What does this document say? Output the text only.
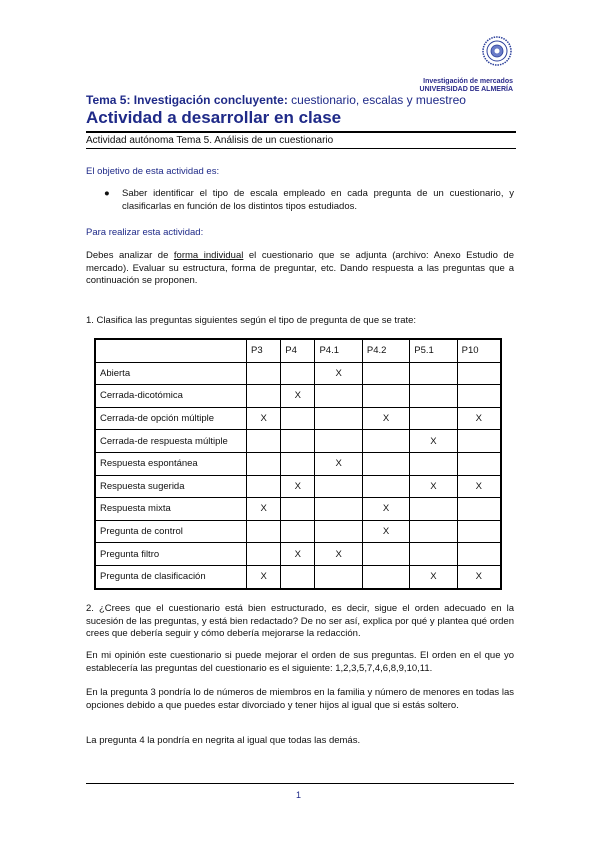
Investigación de mercados
UNIVERSIDAD DE ALMERÍA
Tema 5: Investigación concluyente: cuestionario, escalas y muestreo
Actividad a desarrollar en clase
Actividad autónoma Tema 5. Análisis de un cuestionario
El objetivo de esta actividad es:
●	Saber identificar el tipo de escala empleado en cada pregunta de un cuestionario, y clasificarlas en función de los distintos tipos estudiados.
Para realizar esta actividad:
Debes analizar de forma individual el cuestionario que se adjunta (archivo: Anexo Estudio de mercado). Evaluar su estructura, forma de preguntar, etc. Dando respuesta a las preguntas que a continuación se proponen.
1. Clasifica las preguntas siguientes según el tipo de pregunta de que se trate:
	P3	P4	P4.1	P4.2	P5.1	P10
Abierta			X			
Cerrada-dicotómica		X				
Cerrada-de opción múltiple	X			X		X
Cerrada-de respuesta múltiple					X	
Respuesta espontánea			X			
Respuesta sugerida		X			X	X
Respuesta mixta	X			X		
Pregunta de control				X		
Pregunta filtro		X	X			
Pregunta de clasificación	X				X	X
2. ¿Crees que el cuestionario está bien estructurado, es decir, sigue el orden adecuado en la sucesión de las preguntas, y está bien redactado? De no ser así, explica por qué y plantea qué orden crees que debería seguir y cómo debería mejorarse la redacción.
En mi opinión este cuestionario si puede mejorar el orden de sus preguntas. El orden en el que yo establecería las preguntas del cuestionario es el siguiente: 1,2,3,5,7,4,6,8,9,10,11.
En la pregunta 3 pondría lo de números de miembros en la familia y número de menores en todas las opciones debido a que puedes estar divorciado y tener hijos al igual que si estás soltero.
La pregunta 4 la pondría en negrita al igual que todas las demás.
1
